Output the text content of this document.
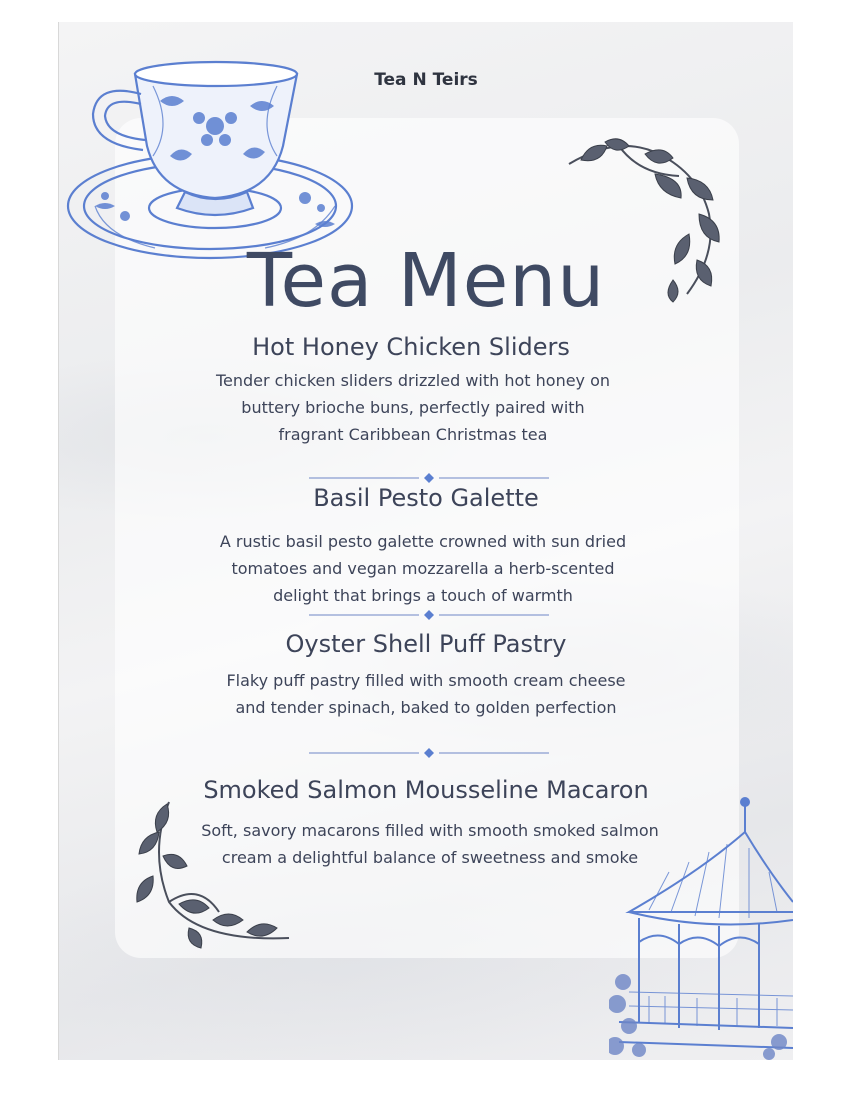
Tea N Teirs
Tea Menu
Hot Honey Chicken Sliders
Tender chicken sliders drizzled with hot honey on buttery brioche buns, perfectly paired with fragrant Caribbean Christmas tea
Basil Pesto Galette
A rustic basil pesto galette crowned with sun dried tomatoes and vegan mozzarella a herb-scented delight that brings a touch of warmth
Oyster Shell Puff Pastry
Flaky puff pastry filled with smooth cream cheese and tender spinach, baked to golden perfection
Smoked Salmon Mousseline Macaron
Soft, savory macarons filled with smooth smoked salmon cream a delightful balance of sweetness and smoke
